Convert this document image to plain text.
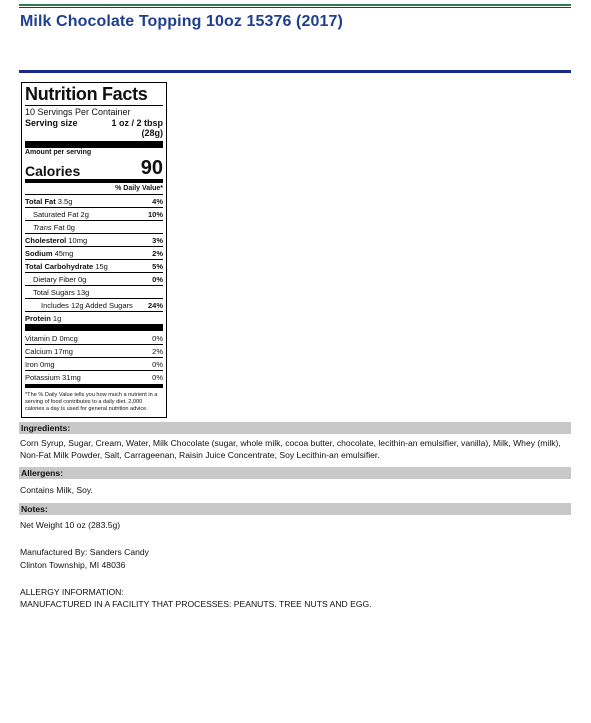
Milk Chocolate Topping 10oz 15376 (2017)
Nutrition Facts
10 Servings Per Container
Serving size	1 oz / 2 tbsp
(28g)
Amount per serving
Calories	90
% Daily Value*
Total Fat 3.5g	4%
Saturated Fat 2g	10%
Trans Fat 0g
Cholesterol 10mg	3%
Sodium 45mg	2%
Total Carbohydrate 15g	5%
Dietary Fiber 0g	0%
Total Sugars 13g
Includes 12g Added Sugars 24%
Protein 1g
Vitamin D 0mcg	0%
Calcium 17mg	2%
Iron 0mg	0%
Potassium 31mg	0%
*The % Daily Value tells you how much a nutrient in a serving of food contributes to a daily diet. 2,000 calories a day is used for general nutrition advice.
Ingredients:
Corn Syrup, Sugar, Cream, Water, Milk Chocolate (sugar, whole milk, cocoa butter, chocolate, lecithin-an emulsifier, vanilla), Milk, Whey (milk), Non-Fat Milk Powder, Salt, Carrageenan, Raisin Juice Concentrate, Soy Lecithin-an emulsifier.
Allergens:
Contains Milk, Soy.
Notes:
Net Weight 10 oz (283.5g)
Manufactured By: Sanders Candy
Clinton Township, MI 48036
ALLERGY INFORMATION:
MANUFACTURED IN A FACILITY THAT PROCESSES: PEANUTS. TREE NUTS AND EGG.
